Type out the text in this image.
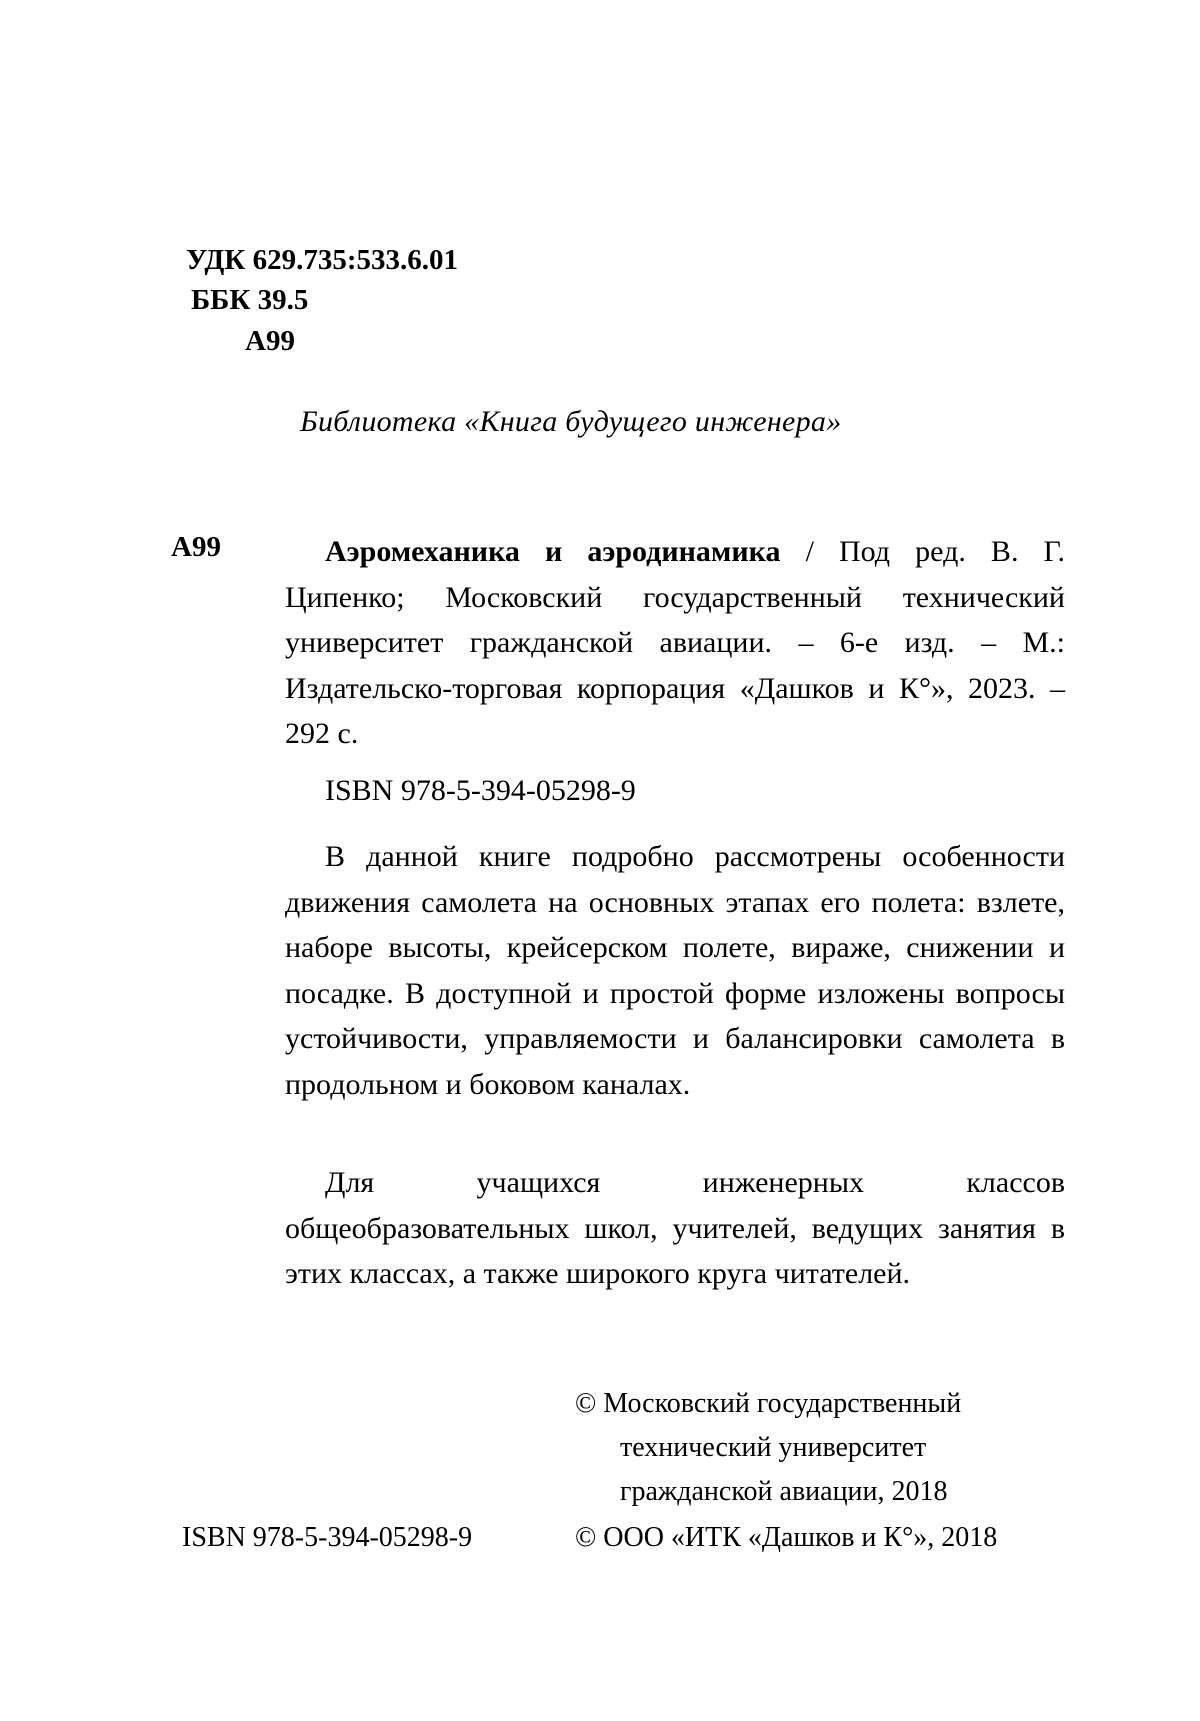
УДК 629.735:533.6.01
ББК 39.5
А99
Библиотека «Книга будущего инженера»
А99	Аэромеханика и аэродинамика / Под ред. В. Г. Ципенко; Московский государственный технический университет гражданской авиации. – 6-е изд. – М.: Издательско-торговая корпорация «Дашков и К°», 2023. – 292 с.

ISBN 978-5-394-05298-9

В данной книге подробно рассмотрены особенности движения самолета на основных этапах его полета: взлете, наборе высоты, крейсерском полете, вираже, снижении и посадке. В доступной и простой форме изложены вопросы устойчивости, управляемости и балансировки самолета в продольном и боковом каналах.

Для учащихся инженерных классов общеобразовательных школ, учителей, ведущих занятия в этих классах, а также широкого круга читателей.

© Московский государственный
технический университет
гражданской авиации, 2018
ISBN 978-5-394-05298-9	© ООО «ИТК «Дашков и К°», 2018
